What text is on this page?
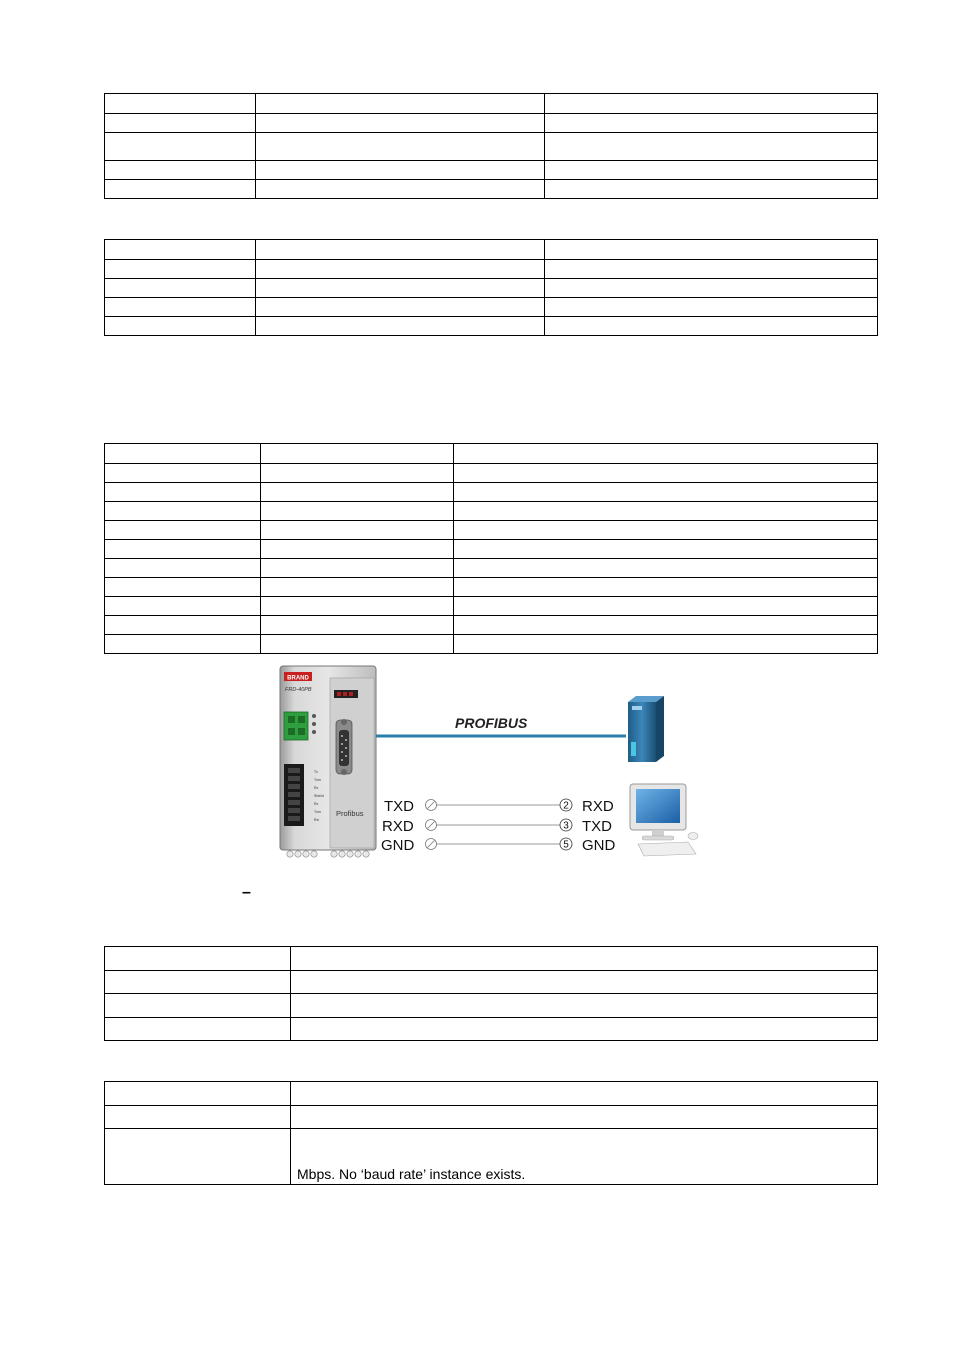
BRAND
FRD-40PB
Tx
Txm
Rx
Shield
Rx
Txm
Rxi
Profibus
PROFIBUS
TXD
RXD
GND
RXD
TXD
GND
2
3
5
–

	Mbps. No ‘baud rate’ instance exists.
